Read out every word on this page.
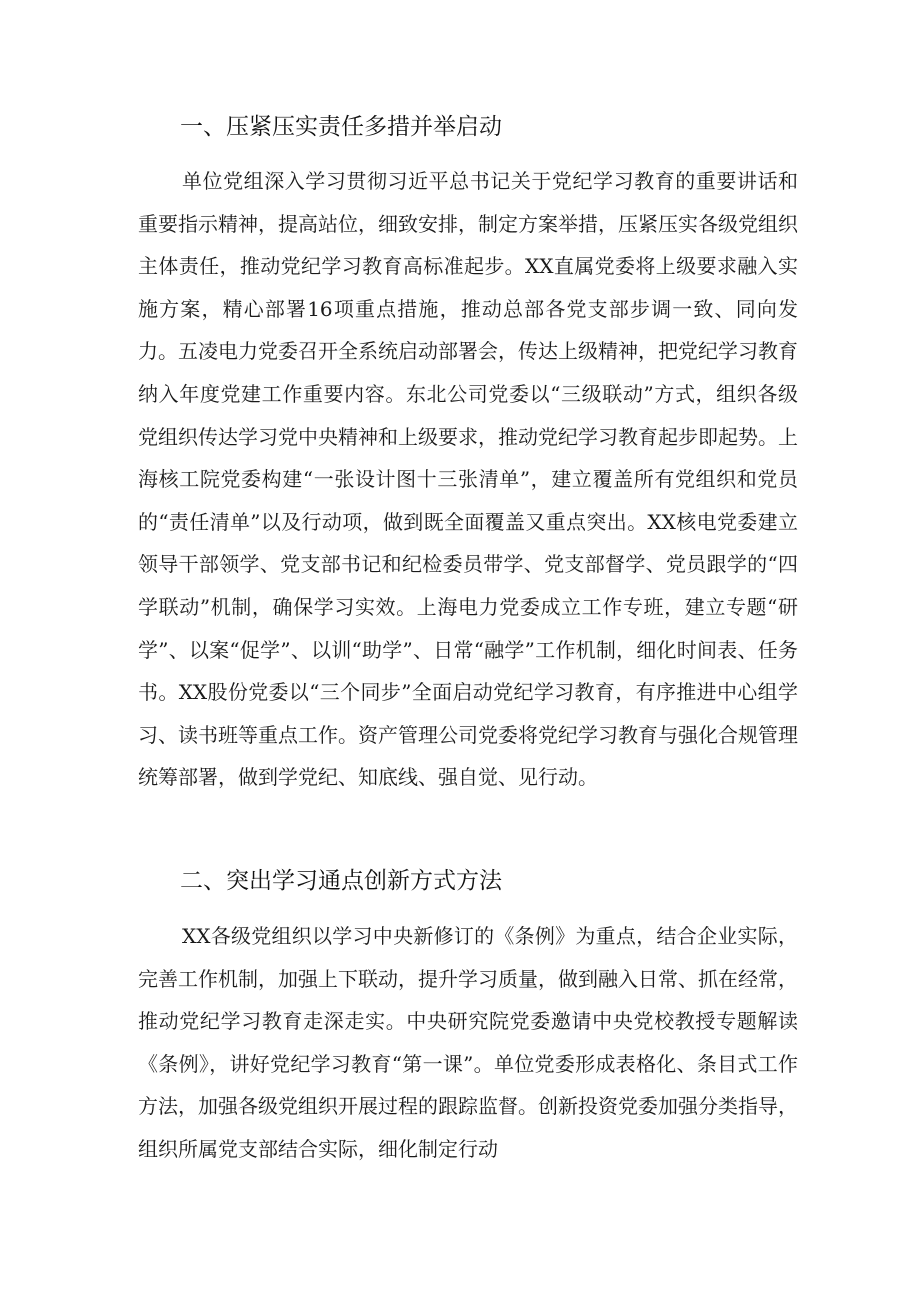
一、压紧压实责任多措并举启动

单位党组深入学习贯彻习近平总书记关于党纪学习教育的重要讲话和重要指示精神，提高站位，细致安排，制定方案举措，压紧压实各级党组织主体责任，推动党纪学习教育高标准起步。XX直属党委将上级要求融入实施方案，精心部署16项重点措施，推动总部各党支部步调一致、同向发力。五凌电力党委召开全系统启动部署会，传达上级精神，把党纪学习教育纳入年度党建工作重要内容。东北公司党委以“三级联动”方式，组织各级党组织传达学习党中央精神和上级要求，推动党纪学习教育起步即起势。上海核工院党委构建“一张设计图十三张清单”，建立覆盖所有党组织和党员的“责任清单”以及行动项，做到既全面覆盖又重点突出。XX核电党委建立领导干部领学、党支部书记和纪检委员带学、党支部督学、党员跟学的“四学联动”机制，确保学习实效。上海电力党委成立工作专班，建立专题“研学”、以案“促学”、以训“助学”、日常“融学”工作机制，细化时间表、任务书。XX股份党委以“三个同步”全面启动党纪学习教育，有序推进中心组学习、读书班等重点工作。资产管理公司党委将党纪学习教育与强化合规管理统筹部署，做到学党纪、知底线、强自觉、见行动。

二、突出学习通点创新方式方法

XX各级党组织以学习中央新修订的《条例》为重点，结合企业实际，完善工作机制，加强上下联动，提升学习质量，做到融入日常、抓在经常，推动党纪学习教育走深走实。中央研究院党委邀请中央党校教授专题解读《条例》，讲好党纪学习教育“第一课”。单位党委形成表格化、条目式工作方法，加强各级党组织开展过程的跟踪监督。创新投资党委加强分类指导，组织所属党支部结合实际，细化制定行动
